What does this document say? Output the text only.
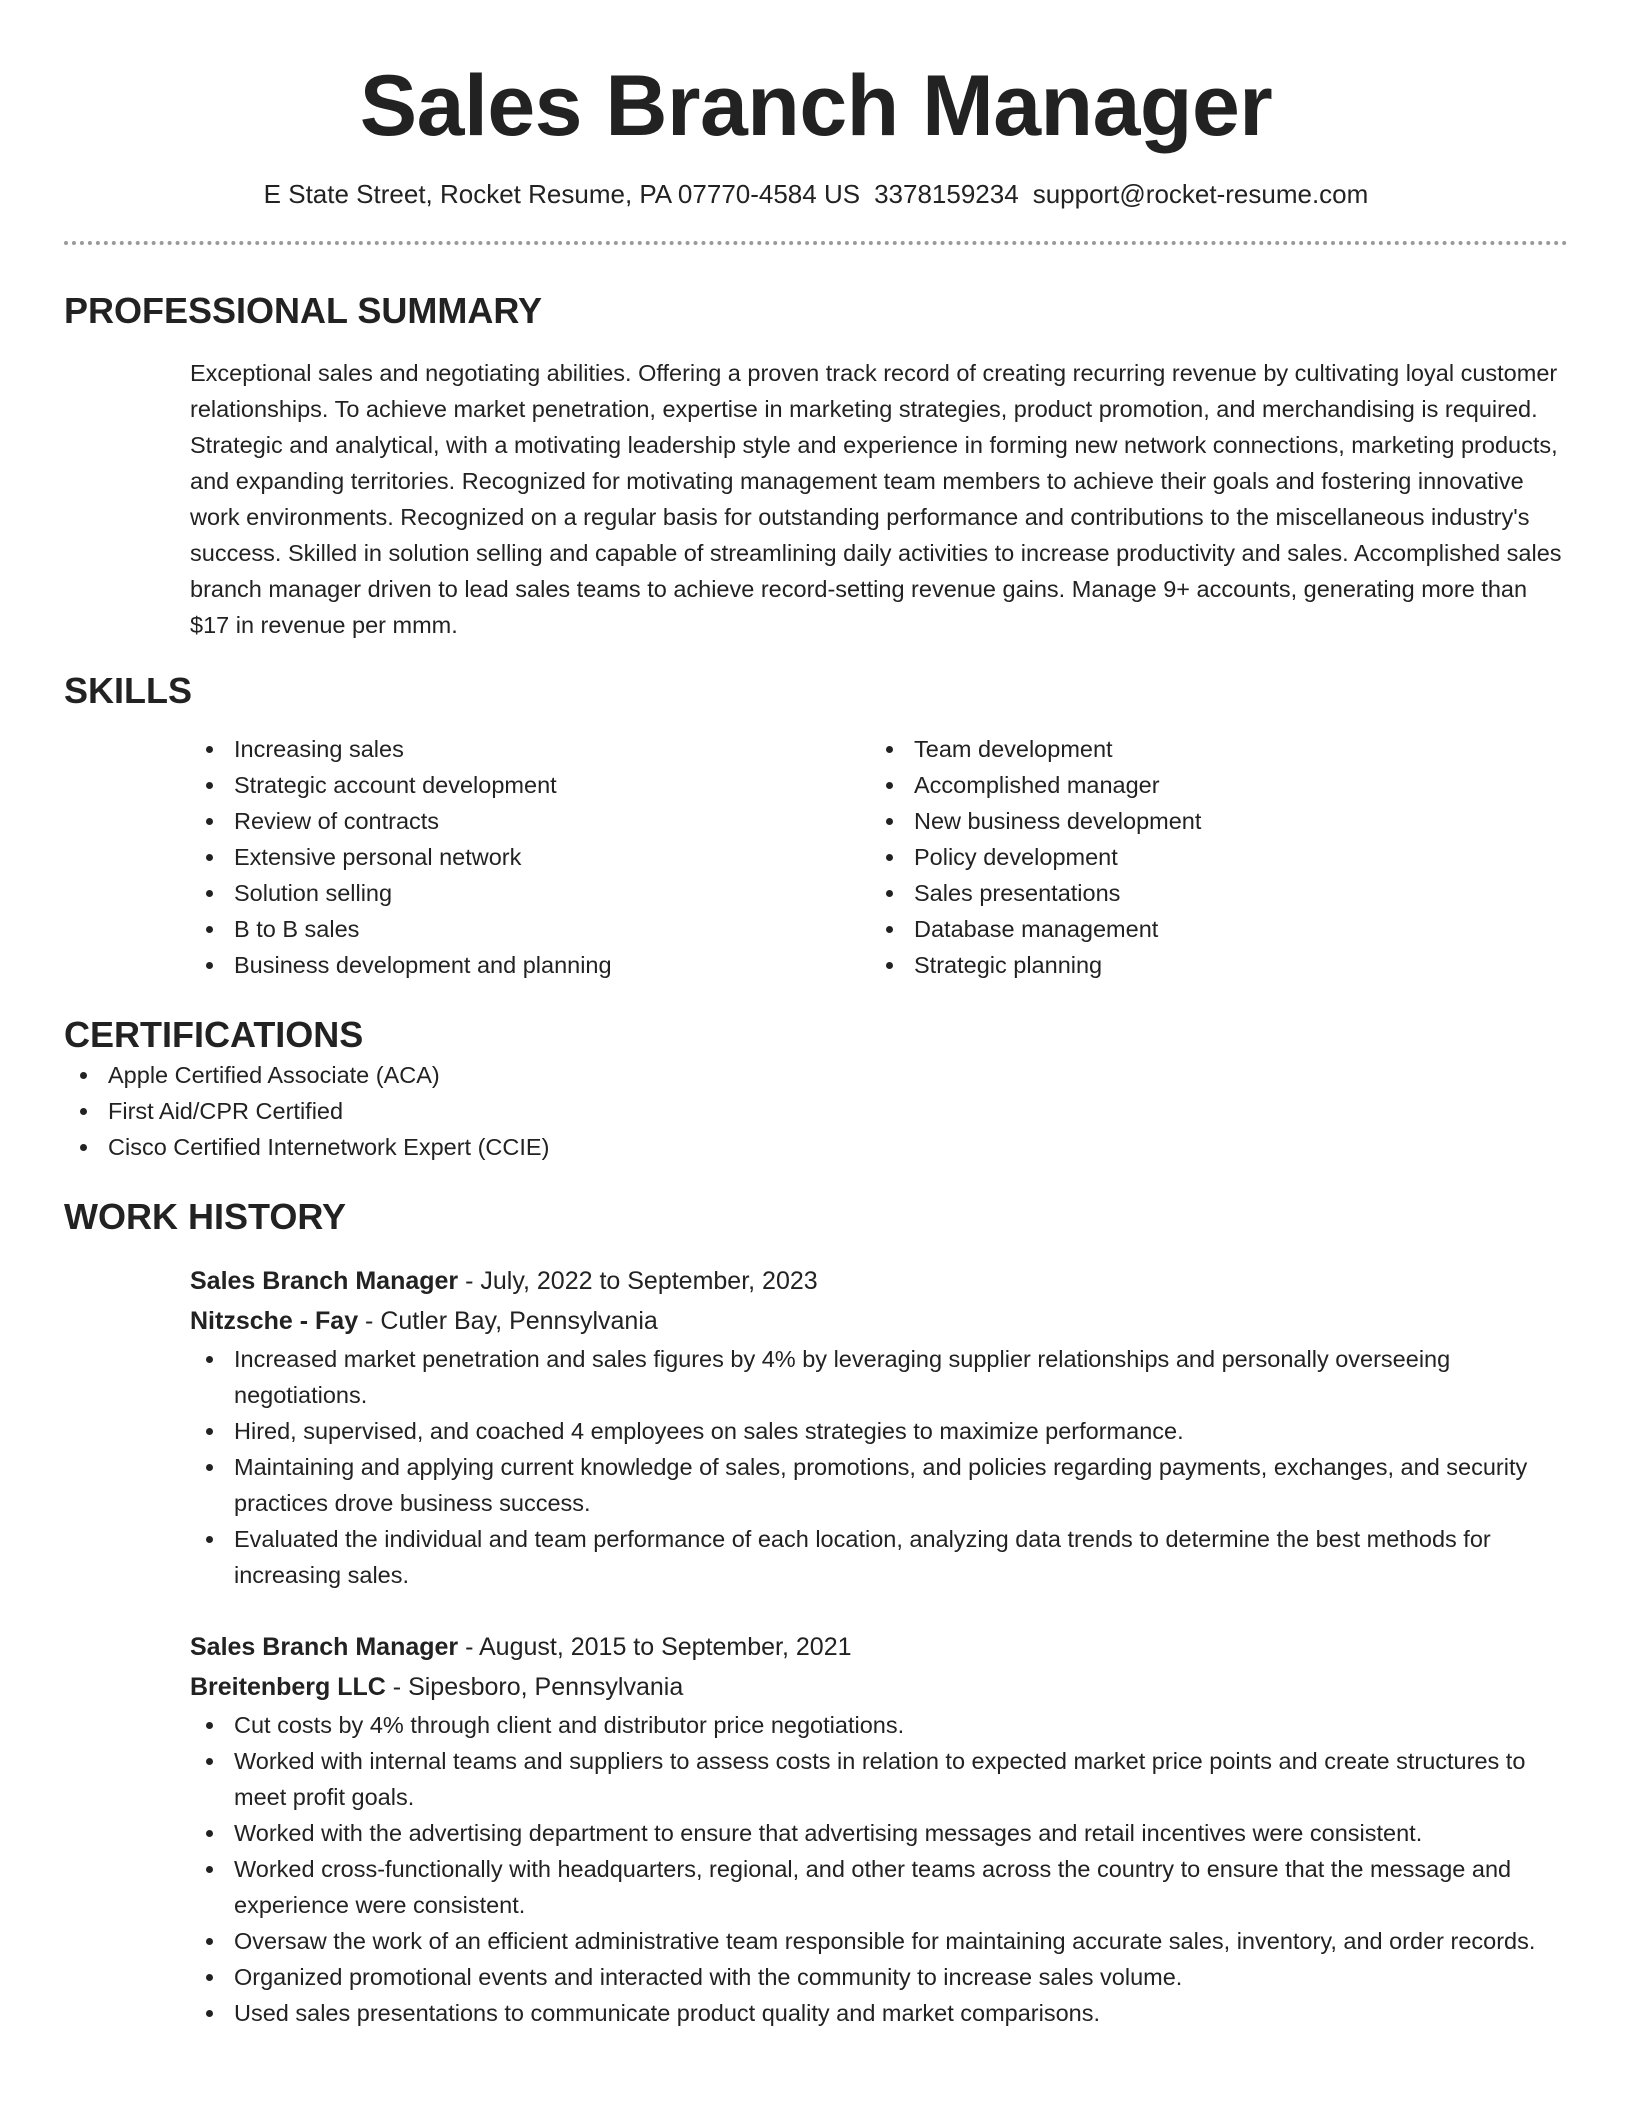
Sales Branch Manager
E State Street, Rocket Resume, PA 07770-4584 US 3378159234 support@rocket-resume.com
PROFESSIONAL SUMMARY

Exceptional sales and negotiating abilities. Offering a proven track record of creating recurring revenue by cultivating loyal customer relationships. To achieve market penetration, expertise in marketing strategies, product promotion, and merchandising is required. Strategic and analytical, with a motivating leadership style and experience in forming new network connections, marketing products, and expanding territories. Recognized for motivating management team members to achieve their goals and fostering innovative work environments. Recognized on a regular basis for outstanding performance and contributions to the miscellaneous industry's success. Skilled in solution selling and capable of streamlining daily activities to increase productivity and sales. Accomplished sales branch manager driven to lead sales teams to achieve record-setting revenue gains. Manage 9+ accounts, generating more than $17 in revenue per mmm.

SKILLS
Increasing sales
Strategic account development
Review of contracts
Extensive personal network
Solution selling
B to B sales
Business development and planning
Team development
Accomplished manager
New business development
Policy development
Sales presentations
Database management
Strategic planning
CERTIFICATIONS
Apple Certified Associate (ACA)
First Aid/CPR Certified
Cisco Certified Internetwork Expert (CCIE)
WORK HISTORY
Sales Branch Manager - July, 2022 to September, 2023
Nitzsche - Fay - Cutler Bay, Pennsylvania
Increased market penetration and sales figures by 4% by leveraging supplier relationships and personally overseeing negotiations.
Hired, supervised, and coached 4 employees on sales strategies to maximize performance.
Maintaining and applying current knowledge of sales, promotions, and policies regarding payments, exchanges, and security practices drove business success.
Evaluated the individual and team performance of each location, analyzing data trends to determine the best methods for increasing sales.
Sales Branch Manager - August, 2015 to September, 2021
Breitenberg LLC - Sipesboro, Pennsylvania
Cut costs by 4% through client and distributor price negotiations.
Worked with internal teams and suppliers to assess costs in relation to expected market price points and create structures to meet profit goals.
Worked with the advertising department to ensure that advertising messages and retail incentives were consistent.
Worked cross-functionally with headquarters, regional, and other teams across the country to ensure that the message and experience were consistent.
Oversaw the work of an efficient administrative team responsible for maintaining accurate sales, inventory, and order records.
Organized promotional events and interacted with the community to increase sales volume.
Used sales presentations to communicate product quality and market comparisons.
